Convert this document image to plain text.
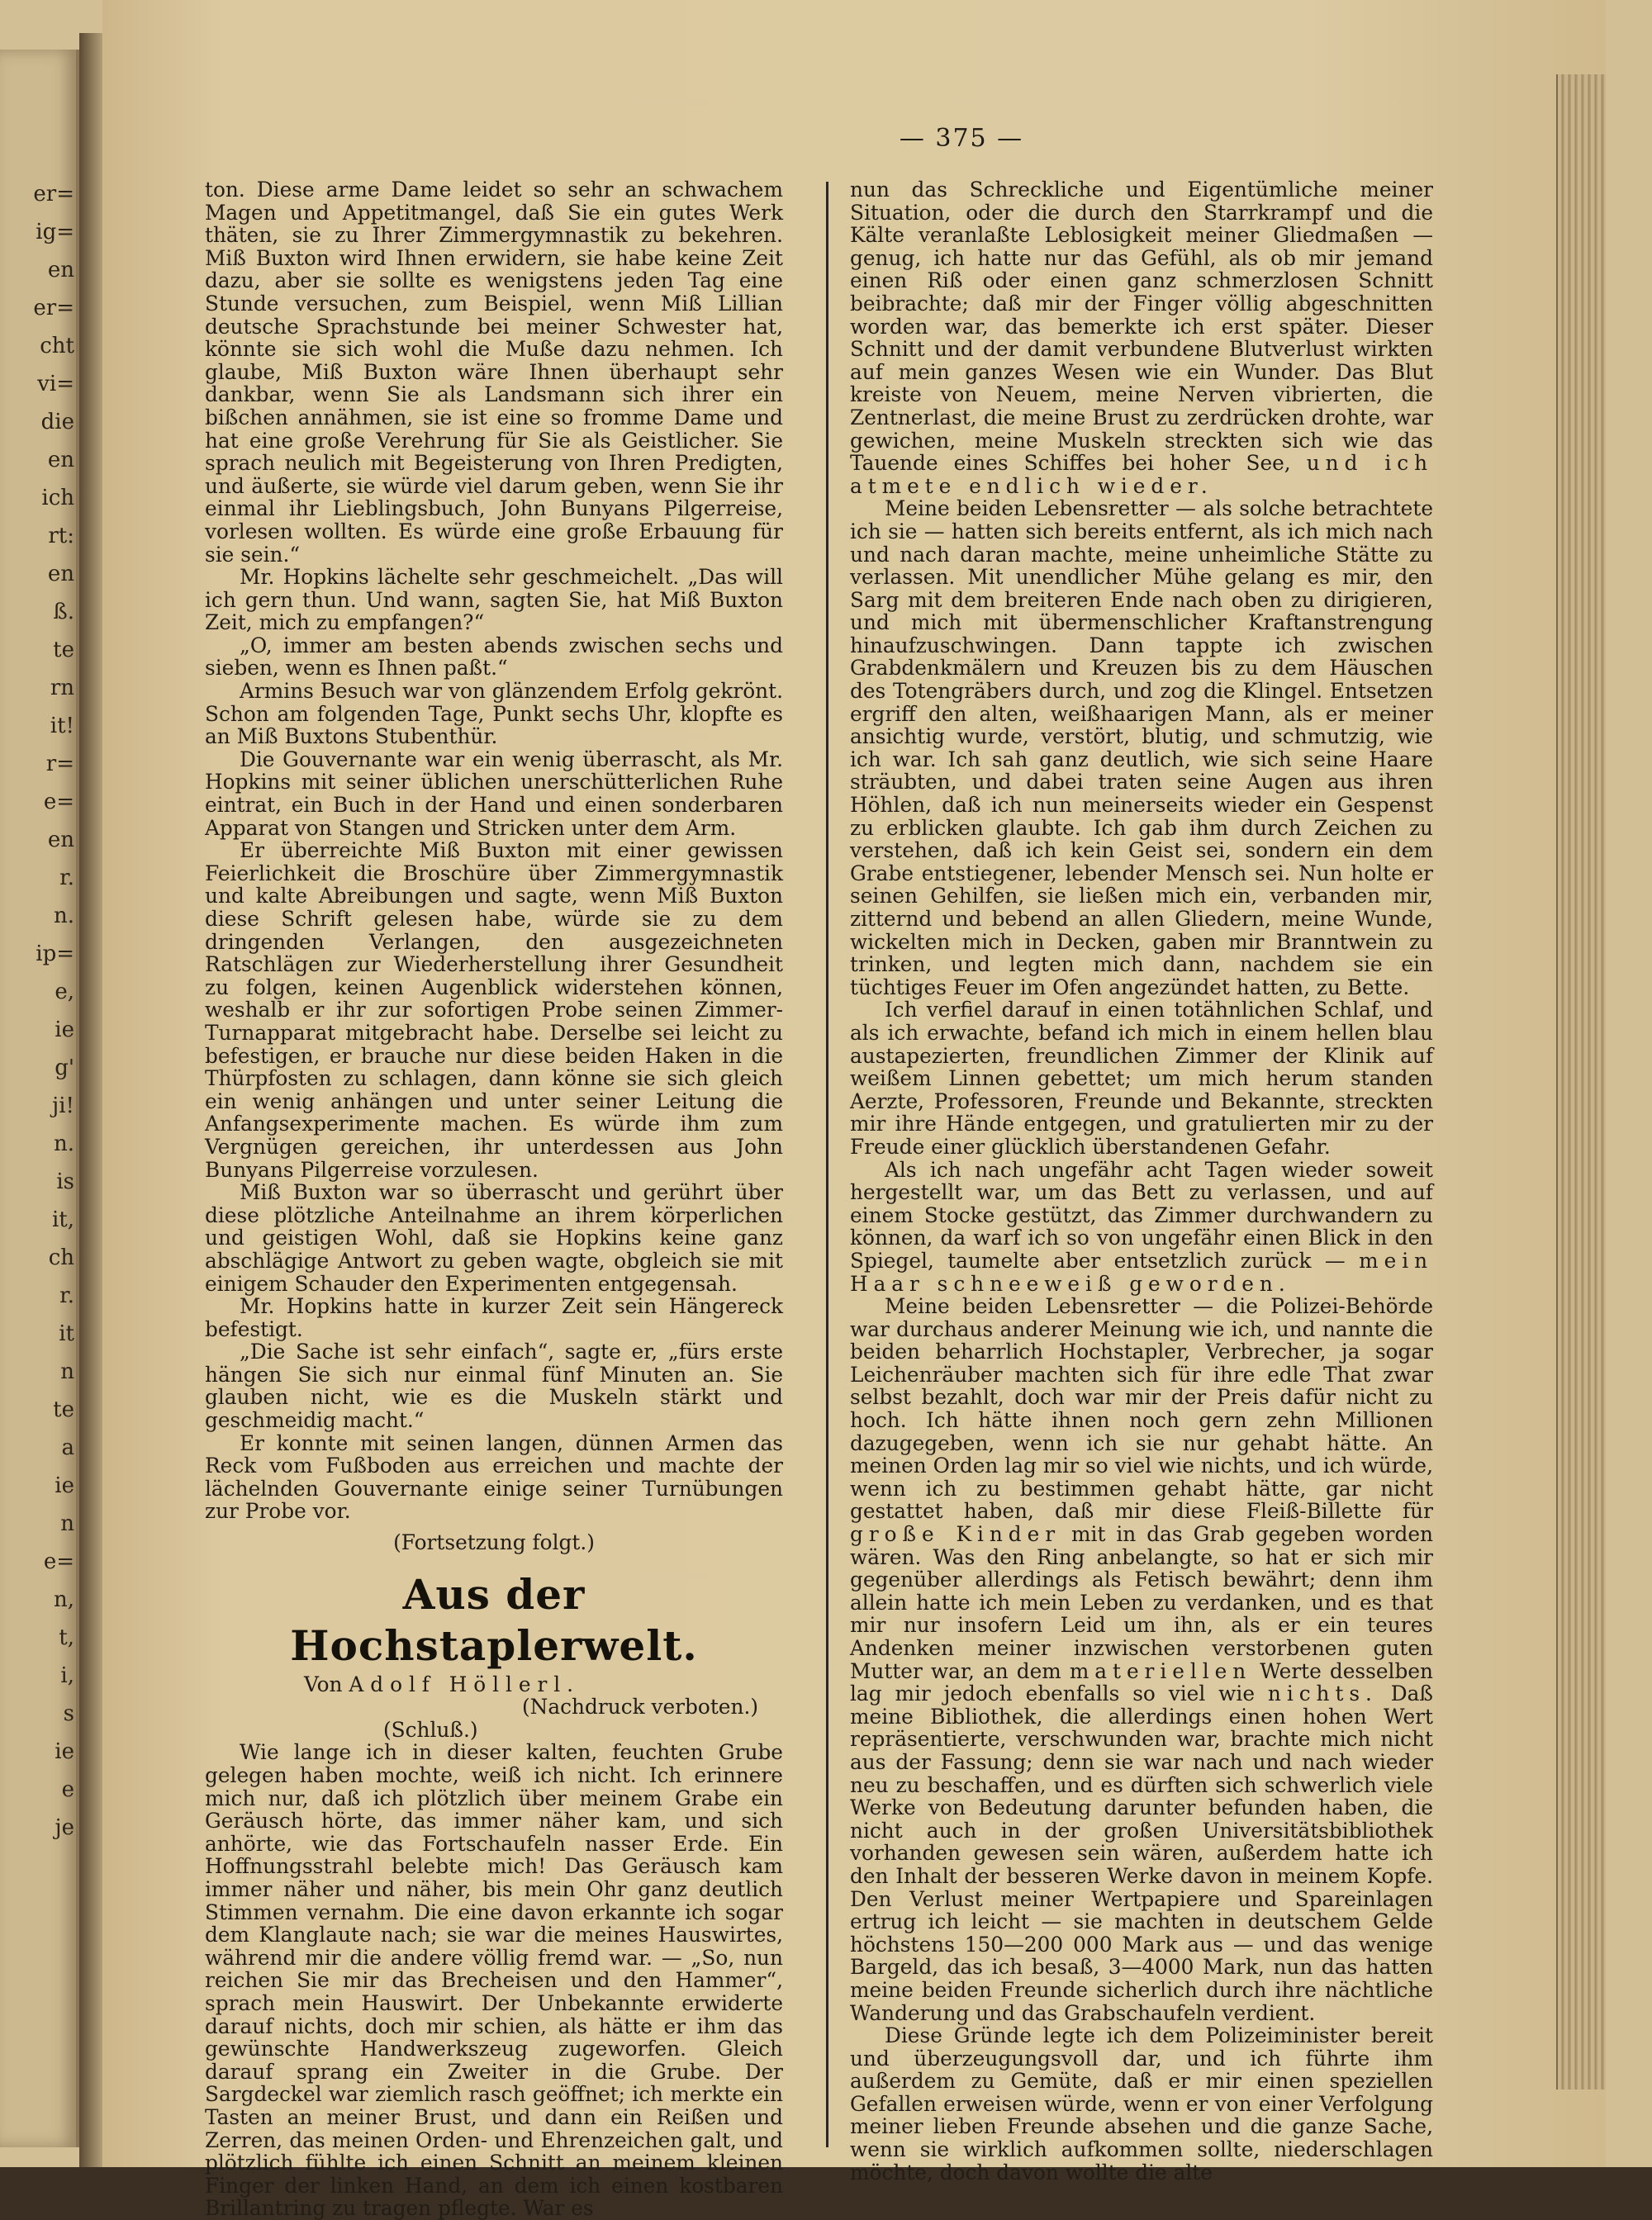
er=
ig=
en
er=
cht
vi=
die
en
ich
rt:
en
ß.
te
rn
it!
r=
e=
en
r.
n.
ip=
e,
ie
g'
ji!
n.
is
it,
ch
r.
it
n
te
a
ie
n
e=
n,
t,
i,
s
ie
e
je
— 375 —

ton. Diese arme Dame leidet so sehr an schwachem Magen und Appetitmangel, daß Sie ein gutes Werk thäten, sie zu Ihrer Zimmergymnastik zu bekehren. Miß Buxton wird Ihnen erwidern, sie habe keine Zeit dazu, aber sie sollte es wenigstens jeden Tag eine Stunde versuchen, zum Beispiel, wenn Miß Lillian deutsche Sprachstunde bei meiner Schwester hat, könnte sie sich wohl die Muße dazu nehmen. Ich glaube, Miß Buxton wäre Ihnen überhaupt sehr dankbar, wenn Sie als Landsmann sich ihrer ein bißchen annähmen, sie ist eine so fromme Dame und hat eine große Verehrung für Sie als Geistlicher. Sie sprach neulich mit Begeisterung von Ihren Predigten, und äußerte, sie würde viel darum geben, wenn Sie ihr einmal ihr Lieblingsbuch, John Bunyans Pilgerreise, vorlesen wollten. Es würde eine große Erbauung für sie sein.“

Mr. Hopkins lächelte sehr geschmeichelt. „Das will ich gern thun. Und wann, sagten Sie, hat Miß Buxton Zeit, mich zu empfangen?“

„O, immer am besten abends zwischen sechs und sieben, wenn es Ihnen paßt.“

Armins Besuch war von glänzendem Erfolg gekrönt. Schon am folgenden Tage, Punkt sechs Uhr, klopfte es an Miß Buxtons Stubenthür.

Die Gouvernante war ein wenig überrascht, als Mr. Hopkins mit seiner üblichen unerschütterlichen Ruhe eintrat, ein Buch in der Hand und einen sonderbaren Apparat von Stangen und Stricken unter dem Arm.

Er überreichte Miß Buxton mit einer gewissen Feierlichkeit die Broschüre über Zimmergymnastik und kalte Abreibungen und sagte, wenn Miß Buxton diese Schrift gelesen habe, würde sie zu dem dringenden Verlangen, den ausgezeichneten Ratschlägen zur Wiederherstellung ihrer Gesundheit zu folgen, keinen Augenblick widerstehen können, weshalb er ihr zur sofortigen Probe seinen Zimmer-Turnapparat mitgebracht habe. Derselbe sei leicht zu befestigen, er brauche nur diese beiden Haken in die Thürpfosten zu schlagen, dann könne sie sich gleich ein wenig anhängen und unter seiner Leitung die Anfangsexperimente machen. Es würde ihm zum Vergnügen gereichen, ihr unterdessen aus John Bunyans Pilgerreise vorzulesen.

Miß Buxton war so überrascht und gerührt über diese plötzliche Anteilnahme an ihrem körperlichen und geistigen Wohl, daß sie Hopkins keine ganz abschlägige Antwort zu geben wagte, obgleich sie mit einigem Schauder den Experimenten entgegensah.

Mr. Hopkins hatte in kurzer Zeit sein Hängereck befestigt.

„Die Sache ist sehr einfach“, sagte er, „fürs erste hängen Sie sich nur einmal fünf Minuten an. Sie glauben nicht, wie es die Muskeln stärkt und geschmeidig macht.“

Er konnte mit seinen langen, dünnen Armen das Reck vom Fußboden aus erreichen und machte der lächelnden Gouvernante einige seiner Turnübungen zur Probe vor.

(Fortsetzung folgt.)
Aus der Hochstaplerwelt.
Von Adolf Höllerl.
(Nachdruck verboten.)
(Schluß.)

Wie lange ich in dieser kalten, feuchten Grube gelegen haben mochte, weiß ich nicht. Ich erinnere mich nur, daß ich plötzlich über meinem Grabe ein Geräusch hörte, das immer näher kam, und sich anhörte, wie das Fortschaufeln nasser Erde. Ein Hoffnungsstrahl belebte mich! Das Geräusch kam immer näher und näher, bis mein Ohr ganz deutlich Stimmen vernahm. Die eine davon erkannte ich sogar dem Klanglaute nach; sie war die meines Hauswirtes, während mir die andere völlig fremd war. — „So, nun reichen Sie mir das Brecheisen und den Hammer“, sprach mein Hauswirt. Der Unbekannte erwiderte darauf nichts, doch mir schien, als hätte er ihm das gewünschte Handwerkszeug zugeworfen. Gleich darauf sprang ein Zweiter in die Grube. Der Sargdeckel war ziemlich rasch geöffnet; ich merkte ein Tasten an meiner Brust, und dann ein Reißen und Zerren, das meinen Orden- und Ehrenzeichen galt, und plötzlich fühlte ich einen Schnitt an meinem kleinen Finger der linken Hand, an dem ich einen kostbaren Brillantring zu tragen pflegte. War es

nun das Schreckliche und Eigentümliche meiner Situation, oder die durch den Starrkrampf und die Kälte veranlaßte Leblosigkeit meiner Gliedmaßen — genug, ich hatte nur das Gefühl, als ob mir jemand einen Riß oder einen ganz schmerzlosen Schnitt beibrachte; daß mir der Finger völlig abgeschnitten worden war, das bemerkte ich erst später. Dieser Schnitt und der damit verbundene Blutverlust wirkten auf mein ganzes Wesen wie ein Wunder. Das Blut kreiste von Neuem, meine Nerven vibrierten, die Zentnerlast, die meine Brust zu zerdrücken drohte, war gewichen, meine Muskeln streckten sich wie das Tauende eines Schiffes bei hoher See, und ich atmete endlich wieder.

Meine beiden Lebensretter — als solche betrachtete ich sie — hatten sich bereits entfernt, als ich mich nach und nach daran machte, meine unheimliche Stätte zu verlassen. Mit unendlicher Mühe gelang es mir, den Sarg mit dem breiteren Ende nach oben zu dirigieren, und mich mit übermenschlicher Kraftanstrengung hinaufzuschwingen. Dann tappte ich zwischen Grabdenkmälern und Kreuzen bis zu dem Häuschen des Totengräbers durch, und zog die Klingel. Entsetzen ergriff den alten, weißhaarigen Mann, als er meiner ansichtig wurde, verstört, blutig, und schmutzig, wie ich war. Ich sah ganz deutlich, wie sich seine Haare sträubten, und dabei traten seine Augen aus ihren Höhlen, daß ich nun meinerseits wieder ein Gespenst zu erblicken glaubte. Ich gab ihm durch Zeichen zu verstehen, daß ich kein Geist sei, sondern ein dem Grabe entstiegener, lebender Mensch sei. Nun holte er seinen Gehilfen, sie ließen mich ein, verbanden mir, zitternd und bebend an allen Gliedern, meine Wunde, wickelten mich in Decken, gaben mir Branntwein zu trinken, und legten mich dann, nachdem sie ein tüchtiges Feuer im Ofen angezündet hatten, zu Bette.

Ich verfiel darauf in einen totähnlichen Schlaf, und als ich erwachte, befand ich mich in einem hellen blau austapezierten, freundlichen Zimmer der Klinik auf weißem Linnen gebettet; um mich herum standen Aerzte, Professoren, Freunde und Bekannte, streckten mir ihre Hände entgegen, und gratulierten mir zu der Freude einer glücklich überstandenen Gefahr.

Als ich nach ungefähr acht Tagen wieder soweit hergestellt war, um das Bett zu verlassen, und auf einem Stocke gestützt, das Zimmer durchwandern zu können, da warf ich so von ungefähr einen Blick in den Spiegel, taumelte aber entsetzlich zurück — mein Haar schneeweiß geworden.

Meine beiden Lebensretter — die Polizei-Behörde war durchaus anderer Meinung wie ich, und nannte die beiden beharrlich Hochstapler, Verbrecher, ja sogar Leichenräuber machten sich für ihre edle That zwar selbst bezahlt, doch war mir der Preis dafür nicht zu hoch. Ich hätte ihnen noch gern zehn Millionen dazugegeben, wenn ich sie nur gehabt hätte. An meinen Orden lag mir so viel wie nichts, und ich würde, wenn ich zu bestimmen gehabt hätte, gar nicht gestattet haben, daß mir diese Fleiß-Billette für große Kinder mit in das Grab gegeben worden wären. Was den Ring anbelangte, so hat er sich mir gegenüber allerdings als Fetisch bewährt; denn ihm allein hatte ich mein Leben zu verdanken, und es that mir nur insofern Leid um ihn, als er ein teures Andenken meiner inzwischen verstorbenen guten Mutter war, an dem materiellen Werte desselben lag mir jedoch ebenfalls so viel wie nichts. Daß meine Bibliothek, die allerdings einen hohen Wert repräsentierte, verschwunden war, brachte mich nicht aus der Fassung; denn sie war nach und nach wieder neu zu beschaffen, und es dürften sich schwerlich viele Werke von Bedeutung darunter befunden haben, die nicht auch in der großen Universitätsbibliothek vorhanden gewesen sein wären, außerdem hatte ich den Inhalt der besseren Werke davon in meinem Kopfe. Den Verlust meiner Wertpapiere und Spareinlagen ertrug ich leicht — sie machten in deutschem Gelde höchstens 150—200 000 Mark aus — und das wenige Bargeld, das ich besaß, 3—4000 Mark, nun das hatten meine beiden Freunde sicherlich durch ihre nächtliche Wanderung und das Grabschaufeln verdient.

Diese Gründe legte ich dem Polizeiminister bereit und überzeugungsvoll dar, und ich führte ihm außerdem zu Gemüte, daß er mir einen speziellen Gefallen erweisen würde, wenn er von einer Verfolgung meiner lieben Freunde absehen und die ganze Sache, wenn sie wirklich aufkommen sollte, niederschlagen möchte, doch davon wollte die alte
